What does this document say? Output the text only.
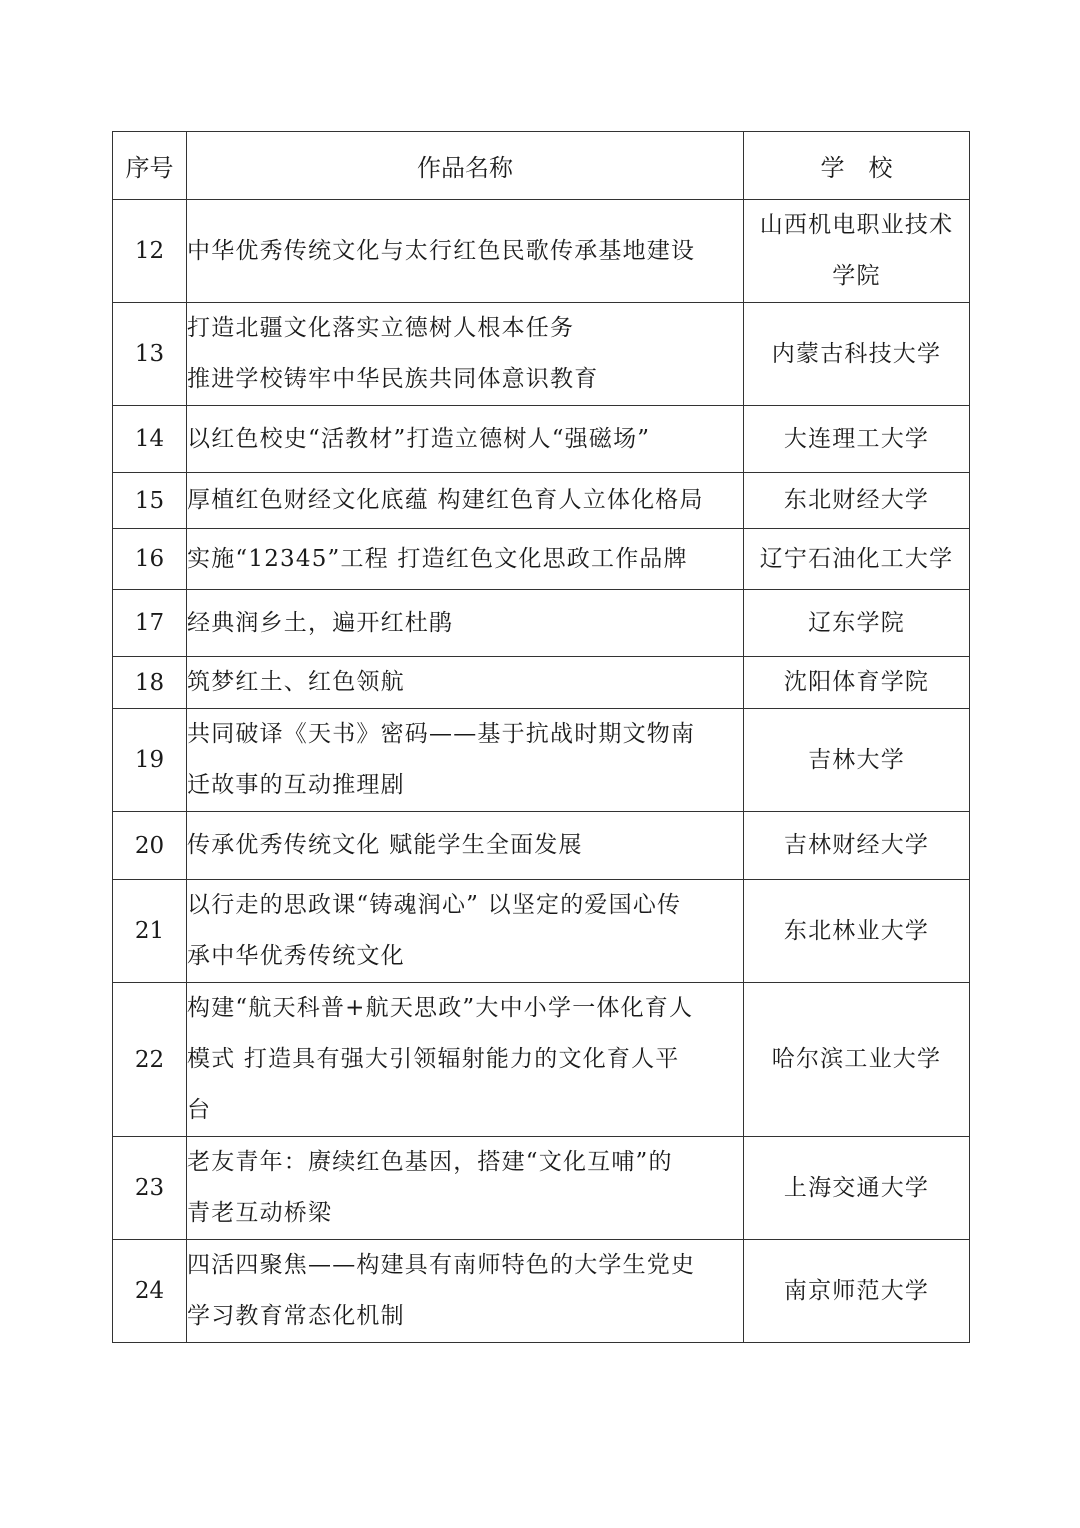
序号	作品名称	学　校
12	中华优秀传统文化与太行红色民歌传承基地建设	山西机电职业技术
学院

13	打造北疆文化落实立德树人根本任务
推进学校铸牢中华民族共同体意识教育	内蒙古科技大学

14	以红色校史“活教材”打造立德树人“强磁场”	大连理工大学

15	厚植红色财经文化底蕴 构建红色育人立体化格局	东北财经大学

16	实施“12345”工程 打造红色文化思政工作品牌	辽宁石油化工大学

17	经典润乡土，遍开红杜鹃	辽东学院

18	筑梦红土、红色领航	沈阳体育学院

19	共同破译《天书》密码——基于抗战时期文物南
迁故事的互动推理剧	吉林大学

20	传承优秀传统文化 赋能学生全面发展	吉林财经大学

21	以行走的思政课“铸魂润心” 以坚定的爱国心传
承中华优秀传统文化	东北林业大学

22	构建“航天科普+航天思政”大中小学一体化育人
模式 打造具有强大引领辐射能力的文化育人平
台	哈尔滨工业大学

23	老友青年：赓续红色基因，搭建“文化互哺”的
青老互动桥梁	上海交通大学

24	四活四聚焦——构建具有南师特色的大学生党史
学习教育常态化机制	南京师范大学
